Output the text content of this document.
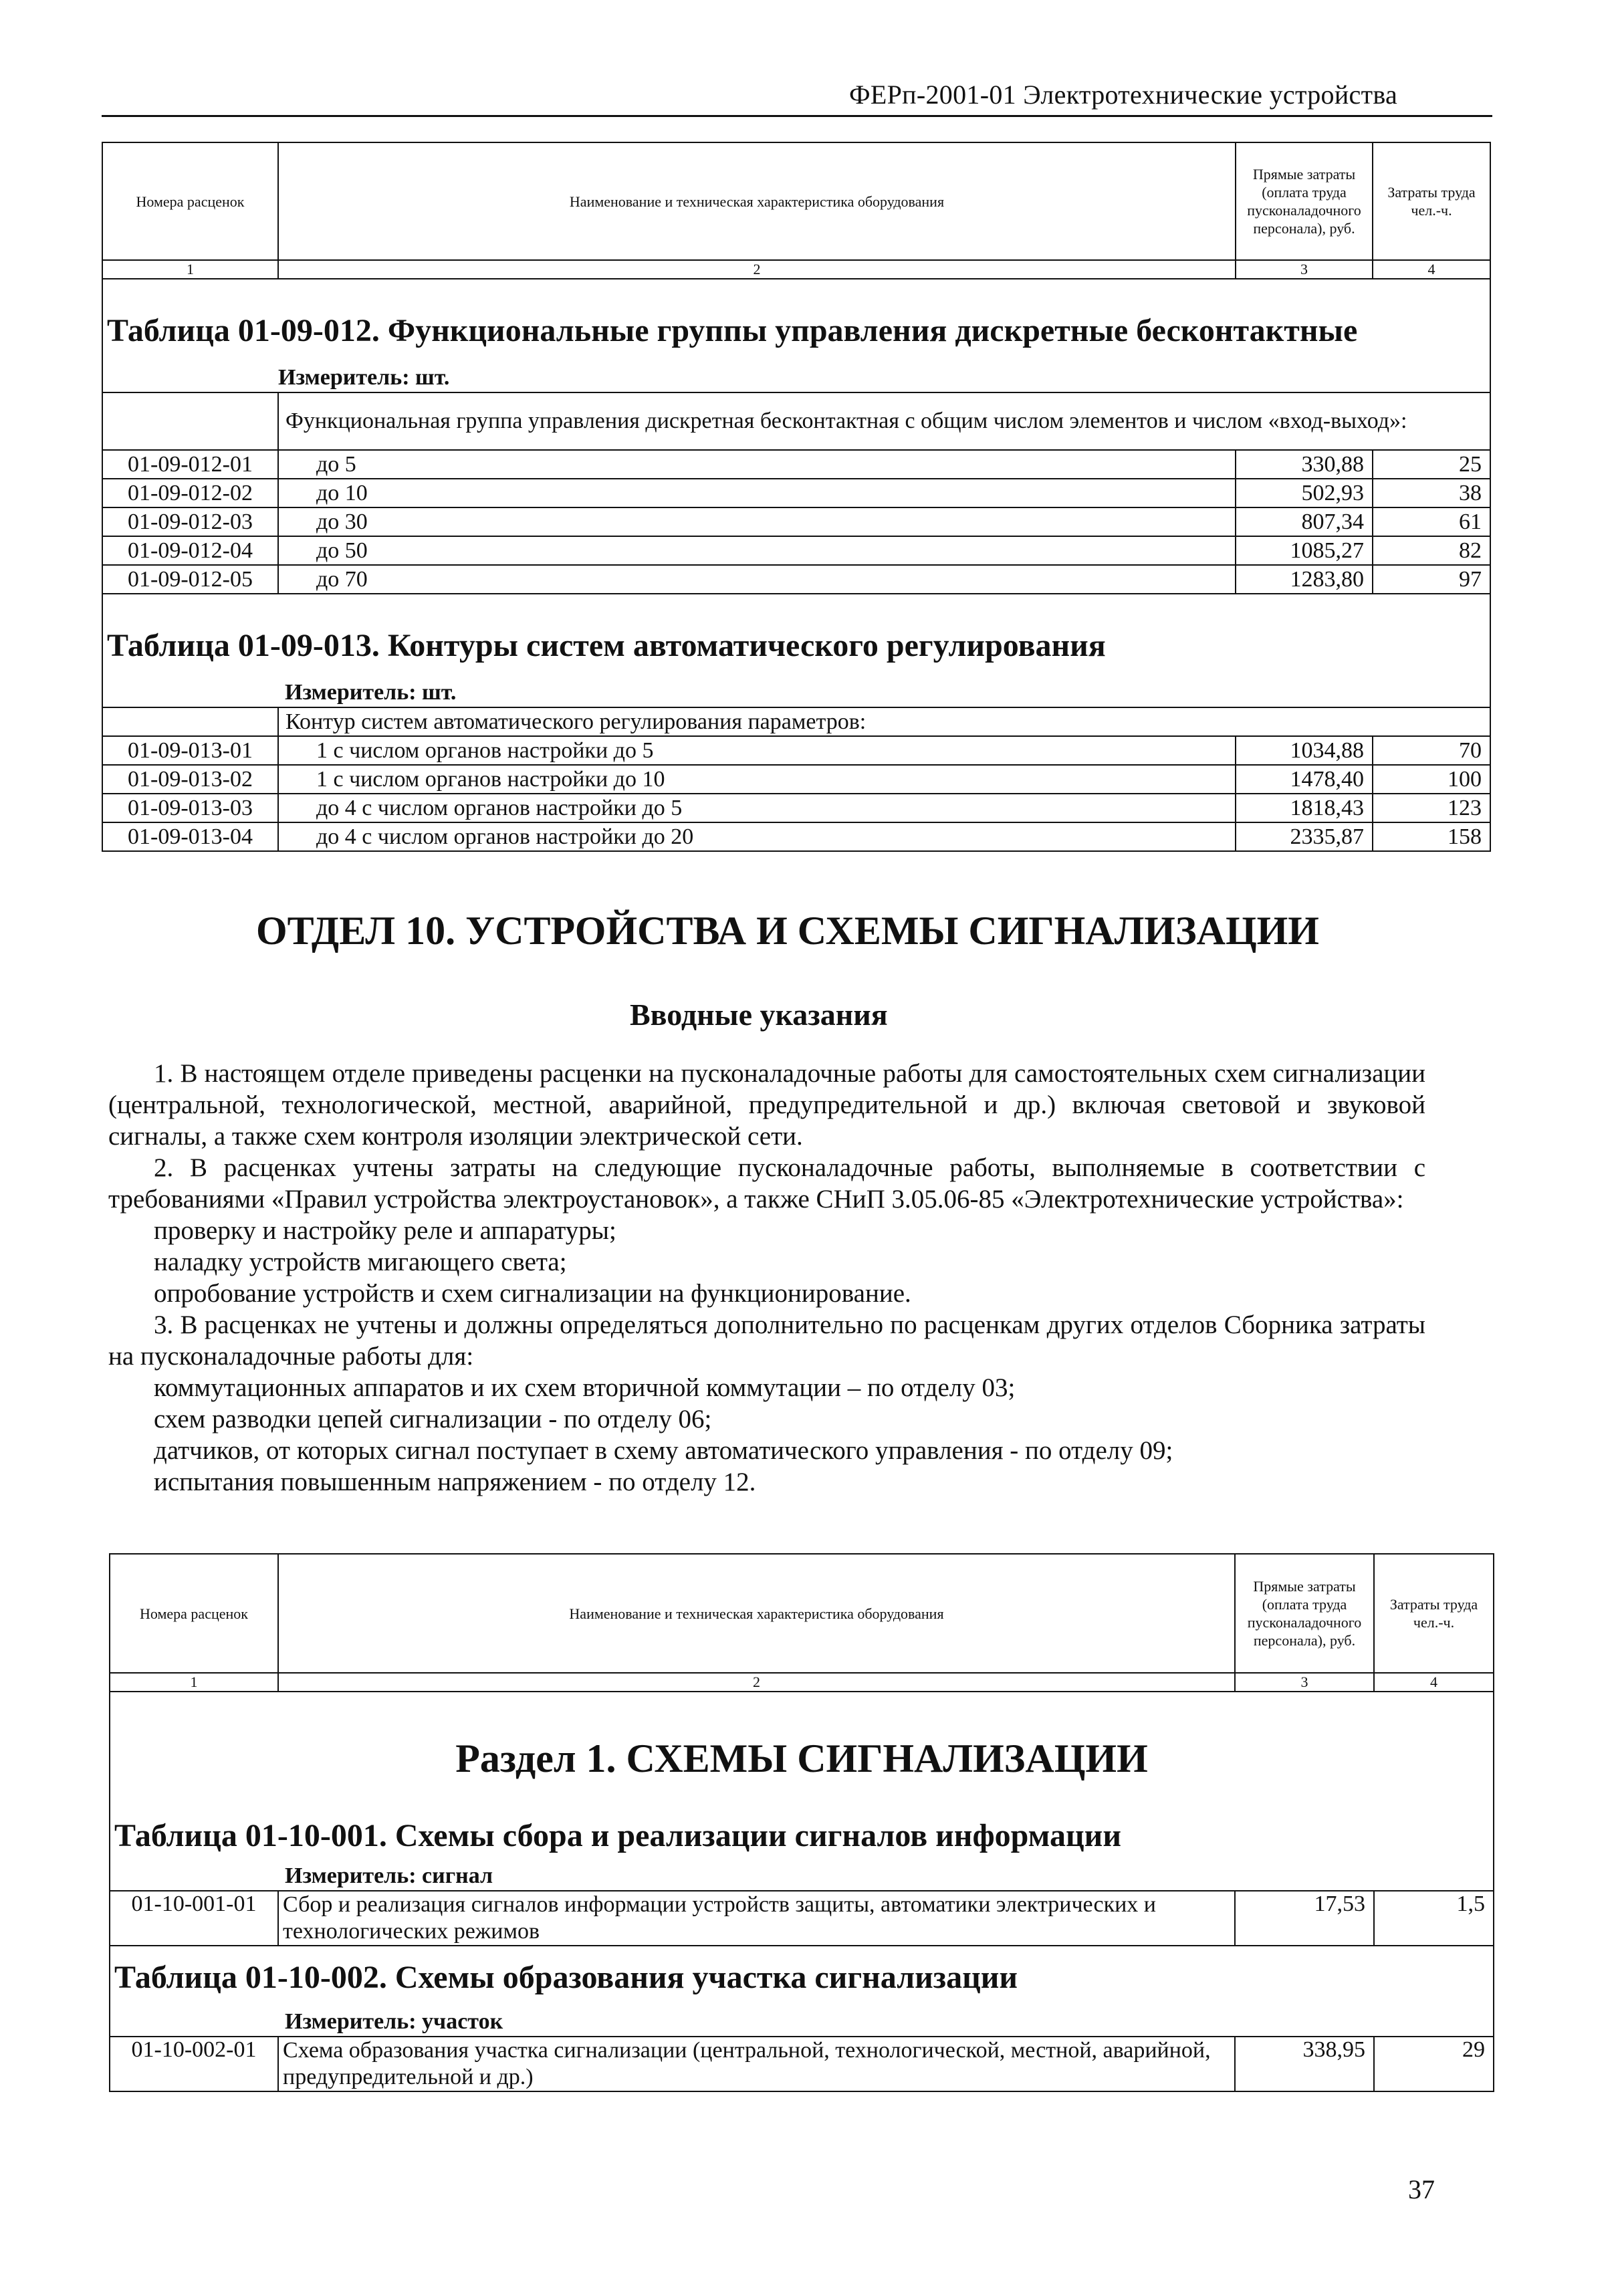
ФЕРп-2001-01 Электротехнические устройства
Номера расценок	Наименование и техническая характеристика оборудования	Прямые затраты (оплата труда пусконаладочного персонала), руб.	Затраты труда чел.-ч.
1	2	3	4
Таблица 01-09-012. Функциональные группы управления дискретные бесконтактные
	Измеритель: шт.
	Функциональная группа управления дискретная бесконтактная с общим числом элементов и числом «вход-выход»:
01-09-012-01	до 5	330,88	25
01-09-012-02	до 10	502,93	38
01-09-012-03	до 30	807,34	61
01-09-012-04	до 50	1085,27	82
01-09-012-05	до 70	1283,80	97
Таблица 01-09-013. Контуры систем автоматического регулирования
	Измеритель: шт.
	Контур систем автоматического регулирования параметров:
01-09-013-01	1 с числом органов настройки до 5	1034,88	70
01-09-013-02	1 с числом органов настройки до 10	1478,40	100
01-09-013-03	до 4 с числом органов настройки до 5	1818,43	123
01-09-013-04	до 4 с числом органов настройки до 20	2335,87	158
ОТДЕЛ 10. УСТРОЙСТВА И СХЕМЫ СИГНАЛИЗАЦИИ
Вводные указания
1. В настоящем отделе приведены расценки на пусконаладочные работы для самостоятельных схем сигнализации (центральной, технологической, местной, аварийной, предупредительной и др.) включая световой и звуковой сигналы, а также схем контроля изоляции электрической сети.
2. В расценках учтены затраты на следующие пусконаладочные работы, выполняемые в соответствии с требованиями «Правил устройства электроустановок», а также СНиП 3.05.06-85 «Электротехнические устройства»:
проверку и настройку реле и аппаратуры;
наладку устройств мигающего света;
опробование устройств и схем сигнализации на функционирование.
3. В расценках не учтены и должны определяться дополнительно по расценкам других отделов Сборника затраты на пусконаладочные работы для:
коммутационных аппаратов и их схем вторичной коммутации – по отделу 03;
схем разводки цепей сигнализации - по отделу 06;
датчиков, от которых сигнал поступает в схему автоматического управления - по отделу 09;
испытания повышенным напряжением - по отделу 12.
Номера расценок	Наименование и техническая характеристика оборудования	Прямые затраты (оплата труда пусконаладочного персонала), руб.	Затраты труда чел.-ч.
1	2	3	4
Раздел 1. СХЕМЫ СИГНАЛИЗАЦИИ			
Таблица 01-10-001. Схемы сбора и реализации сигналов информации			
	Измеритель: сигнал		
01-10-001-01	Сбор и реализация сигналов информации устройств защиты, автоматики электрических и технологических режимов	17,53	1,5
Таблица 01-10-002. Схемы образования участка сигнализации			
	Измеритель: участок		
01-10-002-01	Схема образования участка сигнализации (центральной, технологической, местной, аварийной, предупредительной и др.)	338,95	29
37
